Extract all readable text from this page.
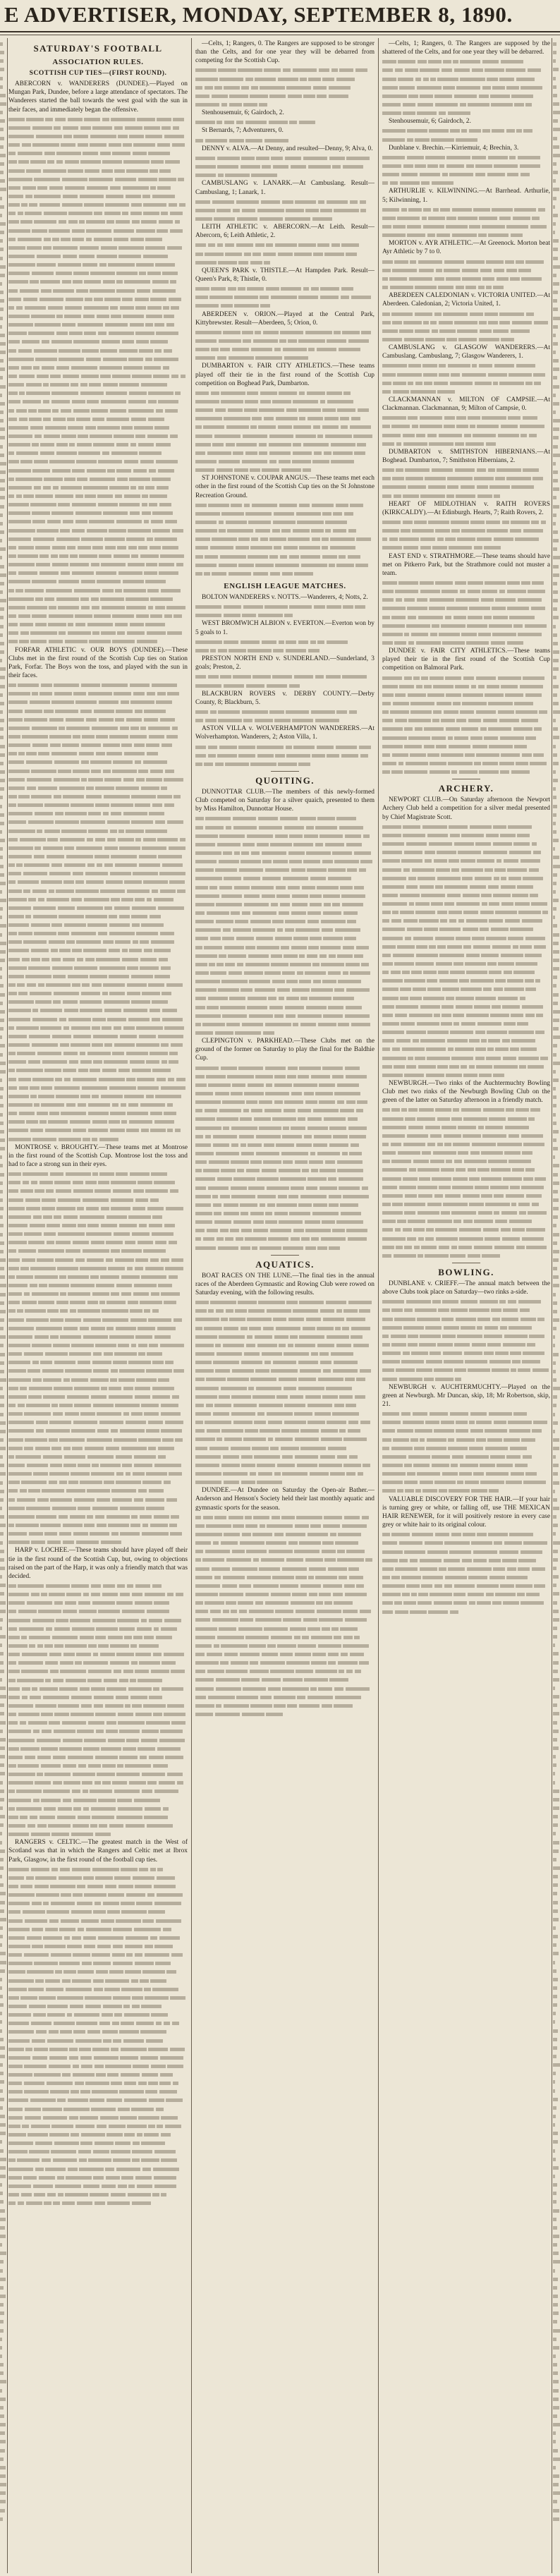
E ADVERTISER, MONDAY, SEPTEMBER 8, 1890.
SATURDAY'S FOOTBALL
ASSOCIATION RULES.
SCOTTISH CUP TIES—(FIRST ROUND).
ABERCORN v. WANDERERS (DUNDEE).—Played on Mungan Park, Dundee, before a large attendance of spectators. The Wanderers started the ball towards the west goal with the sun in their faces, and immediately began the offensive.
FORFAR ATHLETIC v. OUR BOYS (DUNDEE).—These Clubs met in the first round of the Scottish Cup ties on Station Park, Forfar. The Boys won the toss, and played with the sun in their faces.
MONTROSE v. BROUGHTY.—These teams met at Montrose in the first round of the Scottish Cup. Montrose lost the toss and had to face a strong sun in their eyes.
HARP v. LOCHEE.—These teams should have played off their tie in the first round of the Scottish Cup, but, owing to objections raised on the part of the Harp, it was only a friendly match that was decided.
RANGERS v. CELTIC.—The greatest match in the West of Scotland was that in which the Rangers and Celtic met at Ibrox Park, Glasgow, in the first round of the football cup ties.
—Celts, 1; Rangers, 0. The Rangers are supposed to be stronger than the Celts, and for one year they will be debarred from competing for the Scottish Cup.
Stenhousemuir, 6; Gairdoch, 2.
St Bernards, 7; Adventurers, 0.
DENNY v. ALVA.—At Denny, and resulted—Denny, 9; Alva, 0.
CAMBUSLANG v. LANARK.—At Cambuslang. Result—Cambuslang, 1; Lanark, 1.
LEITH ATHLETIC v. ABERCORN.—At Leith. Result—Abercorn, 6; Leith Athletic, 2.
QUEEN'S PARK v. THISTLE.—At Hampden Park. Result—Queen's Park, 8; Thistle, 0.
ABERDEEN v. ORION.—Played at the Central Park, Kittybrewster. Result—Aberdeen, 5; Orion, 0.
DUMBARTON v. FAIR CITY ATHLETICS.—These teams played off their tie in the first round of the Scottish Cup competition on Boghead Park, Dumbarton.
ST JOHNSTONE v. COUPAR ANGUS.—These teams met each other in the first round of the Scottish Cup ties on the St Johnstone Recreation Ground.
ENGLISH LEAGUE MATCHES.
BOLTON WANDERERS v. NOTTS.—Wanderers, 4; Notts, 2.
WEST BROMWICH ALBION v. EVERTON.—Everton won by 5 goals to 1.
PRESTON NORTH END v. SUNDERLAND.—Sunderland, 3 goals; Preston, 2.
BLACKBURN ROVERS v. DERBY COUNTY.—Derby County, 8; Blackburn, 5.
ASTON VILLA v. WOLVERHAMPTON WANDERERS.—At Wolverhampton. Wanderers, 2; Aston Villa, 1.
QUOITING.
DUNNOTTAR CLUB.—The members of this newly-formed Club competed on Saturday for a silver quaich, presented to them by Miss Hamilton, Dunnottar House.
CLEPINGTON v. PARKHEAD.—These Clubs met on the ground of the former on Saturday to play the final for the Baldhie Cup.
AQUATICS.
BOAT RACES ON THE LUNE.—The final ties in the annual races of the Aberdeen Gymnastic and Rowing Club were rowed on Saturday evening, with the following results.
DUNDEE.—At Dundee on Saturday the Open-air Bather.—Anderson and Henson's Society held their last monthly aquatic and gymnastic sports for the season.
—Celts, 1; Rangers, 0. The Rangers are supposed by the shattered of the Celts, and for one year they will be debarred.
Stenhousemuir, 6; Gairdoch, 2.
Dunblane v. Brechin.—Kirriemuir, 4; Brechin, 3.
ARTHURLIE v. KILWINNING.—At Barrhead. Arthurlie, 5; Kilwinning, 1.
MORTON v. AYR ATHLETIC.—At Greenock. Morton beat Ayr Athletic by 7 to 0.
ABERDEEN CALEDONIAN v. VICTORIA UNITED.—At Aberdeen. Caledonian, 2; Victoria United, 1.
CAMBUSLANG v. GLASGOW WANDERERS.—At Cambuslang. Cambuslang, 7; Glasgow Wanderers, 1.
CLACKMANNAN v. MILTON OF CAMPSIE.—At Clackmannan. Clackmannan, 9; Milton of Campsie, 0.
DUMBARTON v. SMITHSTON HIBERNIANS.—At Boghead. Dumbarton, 7; Smithston Hibernians, 2.
HEART OF MIDLOTHIAN v. RAITH ROVERS (KIRKCALDY).—At Edinburgh. Hearts, 7; Raith Rovers, 2.
EAST END v. STRATHMORE.—These teams should have met on Pitkerro Park, but the Strathmore could not muster a team.
DUNDEE v. FAIR CITY ATHLETICS.—These teams played their tie in the first round of the Scottish Cup competition on Balmoral Park.
ARCHERY.
NEWPORT CLUB.—On Saturday afternoon the Newport Archery Club held a competition for a silver medal presented by Chief Magistrate Scott.
NEWBURGH.—Two rinks of the Auchtermuchty Bowling Club met two rinks of the Newburgh Bowling Club on the green of the latter on Saturday afternoon in a friendly match.
BOWLING.
DUNBLANE v. CRIEFF.—The annual match between the above Clubs took place on Saturday—two rinks a-side.
NEWBURGH v. AUCHTERMUCHTY.—Played on the green at Newburgh. Mr Duncan, skip, 18; Mr Robertson, skip, 21.
VALUABLE DISCOVERY FOR THE HAIR.—If your hair is turning grey or white, or falling off, use THE MEXICAN HAIR RENEWER, for it will positively restore in every case grey or white hair to its original colour.
